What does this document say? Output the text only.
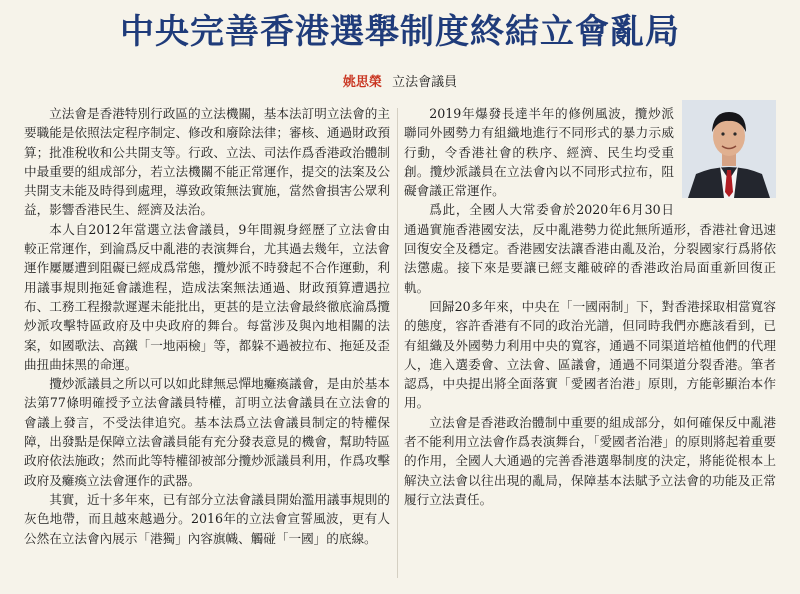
中央完善香港選舉制度終結立會亂局
姚思榮 立法會議員

立法會是香港特別行政區的立法機關，基本法訂明立法會的主要職能是依照法定程序制定、修改和廢除法律；審核、通過財政預算；批准稅收和公共開支等。行政、立法、司法作爲香港政治體制中最重要的組成部分，若立法機關不能正常運作，提交的法案及公共開支未能及時得到處理，導致政策無法實施，當然會損害公眾利益，影響香港民生、經濟及法治。

本人自2012年當選立法會議員，9年間親身經歷了立法會由較正常運作，到淪爲反中亂港的表演舞台，尤其過去幾年，立法會運作屢屢遭到阻礙已經成爲常態，攬炒派不時發起不合作運動，利用議事規則拖延會議進程，造成法案無法通過、財政預算遭遇拉布、工務工程撥款遲遲未能批出，更甚的是立法會最終徹底淪爲攬炒派攻擊特區政府及中央政府的舞台。每當涉及與內地相關的法案，如國歌法、高鐵「一地兩檢」等，都躲不過被拉布、拖延及歪曲扭曲抹黑的命運。

攬炒派議員之所以可以如此肆無忌憚地癱瘓議會，是由於基本法第77條明確授予立法會議員特權，訂明立法會議員在立法會的會議上發言，不受法律追究。基本法爲立法會議員制定的特權保障，出發點是保障立法會議員能有充分發表意見的機會，幫助特區政府依法施政；然而此等特權卻被部分攬炒派議員利用，作爲攻擊政府及癱瘓立法會運作的武器。

其實，近十多年來，已有部分立法會議員開始濫用議事規則的灰色地帶，而且越來越過分。2016年的立法會宣誓風波，更有人公然在立法會內展示「港獨」內容旗幟、觸碰「一國」的底線。

2019年爆發長達半年的修例風波，攬炒派聯同外國勢力有組織地進行不同形式的暴力示威行動，令香港社會的秩序、經濟、民生均受重創。攬炒派議員在立法會內以不同形式拉布，阻礙會議正常運作。

爲此，全國人大常委會於2020年6月30日通過實施香港國安法，反中亂港勢力從此無所遁形，香港社會迅速回復安全及穩定。香港國安法讓香港由亂及治，分裂國家行爲將依法懲處。接下來是要讓已經支離破碎的香港政治局面重新回復正軌。

回歸20多年來，中央在「一國兩制」下，對香港採取相當寬容的態度，容許香港有不同的政治光譜，但同時我們亦應該看到，已有組織及外國勢力利用中央的寬容，通過不同渠道培植他們的代理人，進入選委會、立法會、區議會，通過不同渠道分裂香港。筆者認爲，中央提出將全面落實「愛國者治港」原則，方能彰顯治本作用。

立法會是香港政治體制中重要的組成部分，如何確保反中亂港者不能利用立法會作爲表演舞台，「愛國者治港」的原則將起着重要的作用，全國人大通過的完善香港選舉制度的決定，將能從根本上解決立法會以往出現的亂局，保障基本法賦予立法會的功能及正常履行立法責任。
